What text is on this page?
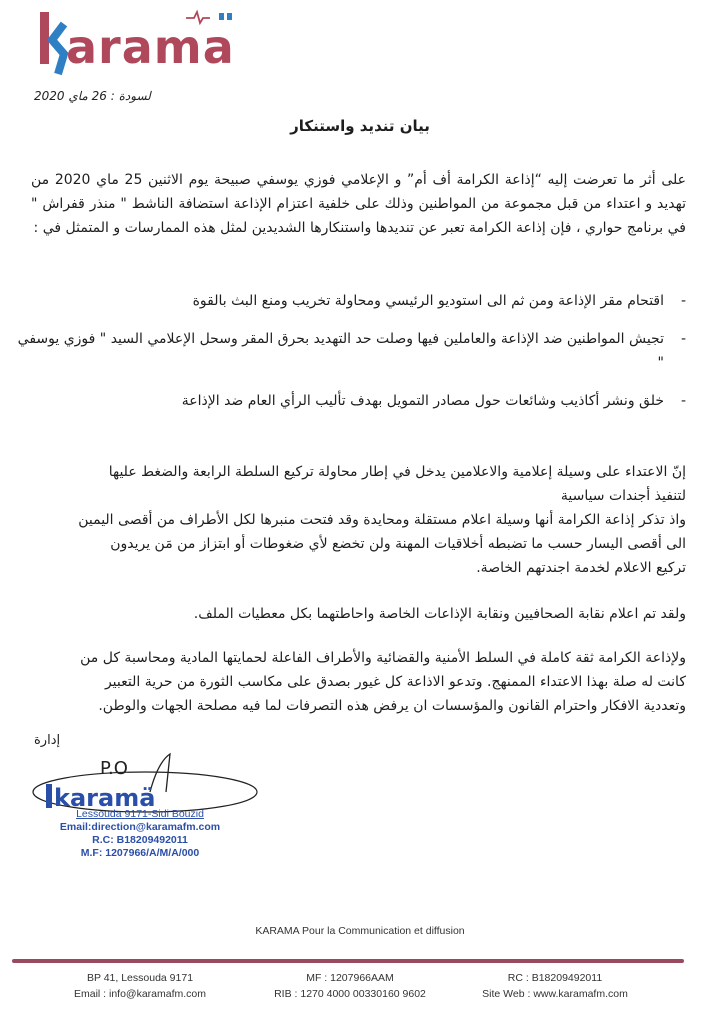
arama
لسودة : 26 ماي 2020
بيان تنديد واستنكار
على أثر ما تعرضت إليه “إذاعة الكرامة أف أم” و الإعلامي فوزي يوسفي صبيحة يوم الاثنين 25 ماي 2020 من تهديد و اعتداء من قبل مجموعة من المواطنين وذلك على خلفية اعتزام الإذاعة استضافة الناشط " منذر قفراش " في برنامج حواري ، فإن إذاعة الكرامة تعبر عن تنديدها واستنكارها الشديدين لمثل هذه الممارسات و المتمثل في :
-
اقتحام مقر الإذاعة ومن ثم الى استوديو الرئيسي ومحاولة تخريب ومنع البث بالقوة
-
تجيش المواطنين ضد الإذاعة والعاملين فيها وصلت حد التهديد بحرق المقر وسحل الإعلامي السيد " فوزي يوسفي "
-
خلق ونشر أكاذيب وشائعات حول مصادر التمويل بهدف تأليب الرأي العام ضد الإذاعة
إنّ الاعتداء على وسيلة إعلامية والاعلامين يدخل في إطار محاولة تركيع السلطة الرابعة والضغط عليها
لتنفيذ أجندات سياسية
واذ تذكر إذاعة الكرامة أنها وسيلة اعلام مستقلة ومحايدة وقد فتحت منبرها لكل الأطراف من أقصى اليمين
الى أقصى اليسار حسب ما تضبطه أخلاقيات المهنة ولن تخضع لأي ضغوطات أو ابتزاز من مَن يريدون
تركيع الاعلام لخدمة اجندتهم الخاصة.
ولقد تم اعلام نقابة الصحافيين ونقابة الإذاعات الخاصة واحاطتهما بكل معطيات الملف.
ولإذاعة الكرامة ثقة كاملة في السلط الأمنية والقضائية والأطراف الفاعلة لحمايتها المادية ومحاسبة كل من
كانت له صلة بهذا الاعتداء الممنهج. وتدعو الاذاعة كل غيور بصدق على مكاسب الثورة من حرية التعبير
وتعددية الافكار واحترام القانون والمؤسسات ان يرفض هذه التصرفات لما فيه مصلحة الجهات والوطن.
إدارة
P.O
karamä
Lessouda 9171-Sidi Bouzid
Email:direction@karamafm.com
R.C: B18209492011
M.F: 1207966/A/M/A/000
KARAMA Pour la Communication et diffusion
BP 41, Lessouda 9171
Email : info@karamafm.com
MF : 1207966AAM
RIB : 1270 4000 00330160 9602
RC : B18209492011
Site Web : www.karamafm.com
